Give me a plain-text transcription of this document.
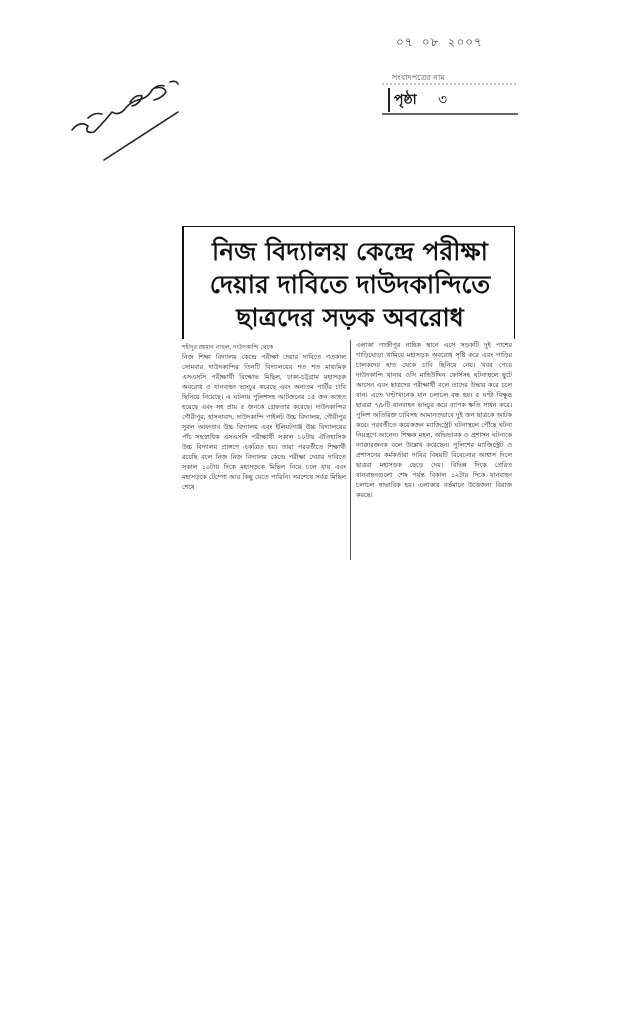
০৭ ০৮ ২০০৭
সংবাদপত্রের নাম
পৃষ্ঠা ৩
নিজ বিদ্যালয় কেন্দ্রে পরীক্ষা
দেয়ার দাবিতে দাউদকান্দিতে
ছাত্রদের সড়ক অবরোধ
শহীদুর রহমান নাহুল, দাউদকান্দি থেকে
নিজ শিক্ষা বিদ্যালয় কেন্দ্রে পরীক্ষা দেয়ার দাবিতে গতকাল সোমবার দাউদকান্দির তিনটি বিদ্যালয়ের শত শত মাধ্যমিক এসএসসি পরীক্ষার্থী বিক্ষোভ মিছিল, ঢাকা-চট্টগ্রাম মহাসড়ক অবরোধ ও যানবাহন ভাংচুর করেছে এবং অন্যতম পার্টির চাবি ছিনিয়ে নিয়েছে। এ ঘটনায় পুলিশসহ আটজনের ১৫ জন আহত হয়েছে এবং সহ প্রায় ৫ জনকে গ্রেফতার করেছে। দাউদকান্দির গৌরীপুর, হাসনাবাদ, দাউদকান্দি পাইলট উচ্চ বিদ্যালয়, গৌরীপুর সুবল আফতাব উচ্চ বিদ্যালয় এবং ইলিয়টগঞ্জ উচ্চ বিদ্যালয়ের পাঁচ সহস্রাধিক এসএসসি পরীক্ষার্থী সকাল ১০টায় ঐতিহাসিক উচ্চ বিদ্যালয় প্রাঙ্গণে একত্রিত হয়। তারা পরবর্তীতে শিক্ষার্থী রয়েছি বলে নিজ নিজ বিদ্যালয় কেন্দ্রে পরীক্ষা দেয়ার দাবিতে সকাল ১০টায় দিকে মহাসড়কে মিছিল নিয়ে চলে যায় এবং মহাসড়কে টেম্পো আর কিছু যেতে পারিনি। সবশেষে সর্বত্র মিছিল শেষে
এলাকা গাজীপুর নাহিক স্থানে এসে সড়কটি দুই পাশের গাড়িঘোড়া থামিয়ে মহাসড়ক অবরোধ সৃষ্টি করে এবং গাড়ির চালকদের হাত থেকে চাবি ছিনিয়ে নেয়। খবর পেয়ে দাউদকান্দি থানার ওসি মাহিউদ্দিন ফোর্সসহ ঘটনাস্থলে ছুটে আসেন এবং ছাত্রদের পরীক্ষার্থী বলে তাদের উদ্ধার করে চলে যান। এতে ঘণ্টাখানেক যান চলাচল বন্ধ হয়। ৫ ঘণ্টা বিক্ষুব্ধ ছাত্ররা ৭/৮টি যানবাহন ভাংচুর করে ব্যাপক ক্ষতি সাধন করে। পুলিশ অতিরিক্ত চাবিসহ আমানতভাবে দুই জন ছাত্রকে আটক করে। পরবর্তীতে কয়েকজন ম্যাজিস্ট্রেট ঘটনাস্থলে পৌঁছে ঘটনা নিয়ন্ত্রণে আনেন। শিক্ষক মহল, অভিভাবক ও প্রশাসন ঘটনাকে ন্যাক্কারজনক বলে উল্লেখ করেছেন। পুলিশের ম্যাজিস্ট্রেট ও প্রশাসনের কর্মকর্তারা দাবির বিষয়টি বিবেচনার আশ্বাস দিলে ছাত্ররা মহাসড়ক ছেড়ে দেয়। বিভিন্ন দিকে প্রেরিত যানবাহনগুলো শেষ পর্যন্ত বিকাল ১২টার দিকে যানবাহন চলাচল স্বাভাবিক হয়। এলাকায় বর্তমানে উত্তেজনা বিরাজ করছে।
